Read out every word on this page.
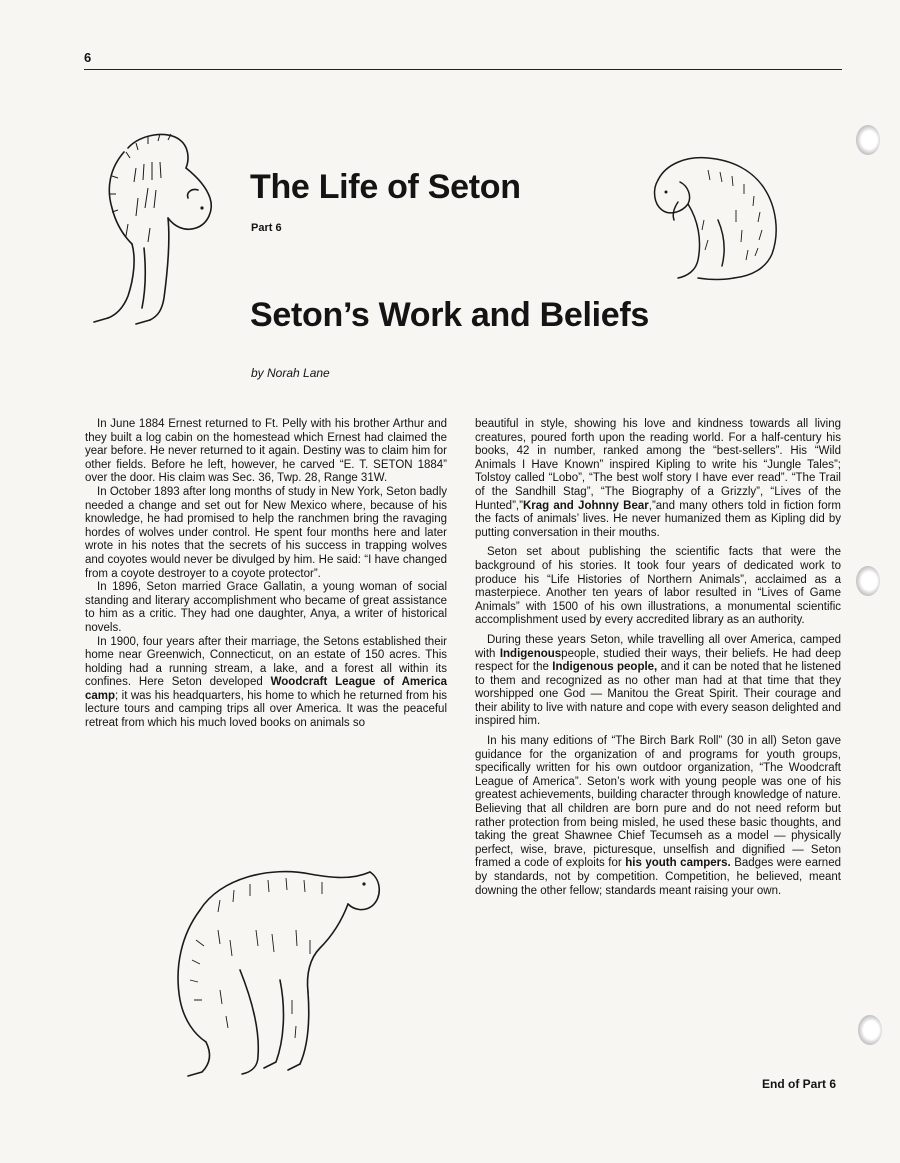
6
The Life of Seton
Part 6
Seton’s Work and Beliefs
by Norah Lane

In June 1884 Ernest returned to Ft. Pelly with his brother Arthur and they built a log cabin on the homestead which Ernest had claimed the year before. He never returned to it again. Destiny was to claim him for other fields. Before he left, however, he carved “E. T. SETON 1884” over the door. His claim was Sec. 36, Twp. 28, Range 31W.

In October 1893 after long months of study in New York, Seton badly needed a change and set out for New Mexico where, because of his knowledge, he had promised to help the ranchmen bring the ravaging hordes of wolves under control. He spent four months here and later wrote in his notes that the secrets of his success in trapping wolves and coyotes would never be divulged by him. He said: “I have changed from a coyote destroyer to a coyote protector”.

In 1896, Seton married Grace Gallatin, a young woman of social standing and literary accomplishment who became of great assistance to him as a critic. They had one daughter, Anya, a writer of historical novels.

In 1900, four years after their marriage, the Setons established their home near Greenwich, Connecticut, on an estate of 150 acres. This holding had a running stream, a lake, and a forest all within its confines. Here Seton developed Woodcraft League of America camp; it was his headquarters, his home to which he returned from his lecture tours and camping trips all over America. It was the peaceful retreat from which his much loved books on animals so

beautiful in style, showing his love and kindness towards all living creatures, poured forth upon the reading world. For a half-century his books, 42 in number, ranked among the “best-sellers”. His “Wild Animals I Have Known” inspired Kipling to write his “Jungle Tales”; Tolstoy called “Lobo”, “The best wolf story I have ever read”. “The Trail of the Sandhill Stag”, “The Biography of a Grizzly”, “Lives of the Hunted”,”Krag and Johnny Bear,”and many others told in fiction form the facts of animals’ lives. He never humanized them as Kipling did by putting conversation in their mouths.

Seton set about publishing the scientific facts that were the background of his stories. It took four years of dedicated work to produce his “Life Histories of Northern Animals”, acclaimed as a masterpiece. Another ten years of labor resulted in “Lives of Game Animals” with 1500 of his own illustrations, a monumental scientific accomplishment used by every accredited library as an authority.

During these years Seton, while travelling all over America, camped with Indigenouspeople, studied their ways, their beliefs. He had deep respect for the Indigenous people, and it can be noted that he listened to them and recognized as no other man had at that time that they worshipped one God — Manitou the Great Spirit. Their courage and their ability to live with nature and cope with every season delighted and inspired him.

In his many editions of “The Birch Bark Roll” (30 in all) Seton gave guidance for the organization of and programs for youth groups, specifically written for his own outdoor organization, “The Woodcraft League of America”. Seton’s work with young people was one of his greatest achievements, building character through knowledge of nature. Believing that all children are born pure and do not need reform but rather protection from being misled, he used these basic thoughts, and taking the great Shawnee Chief Tecumseh as a model — physically perfect, wise, brave, picturesque, unselfish and dignified — Seton framed a code of exploits for his youth campers. Badges were earned by standards, not by competition. Competition, he believed, meant downing the other fellow; standards meant raising your own.

End of Part 6
